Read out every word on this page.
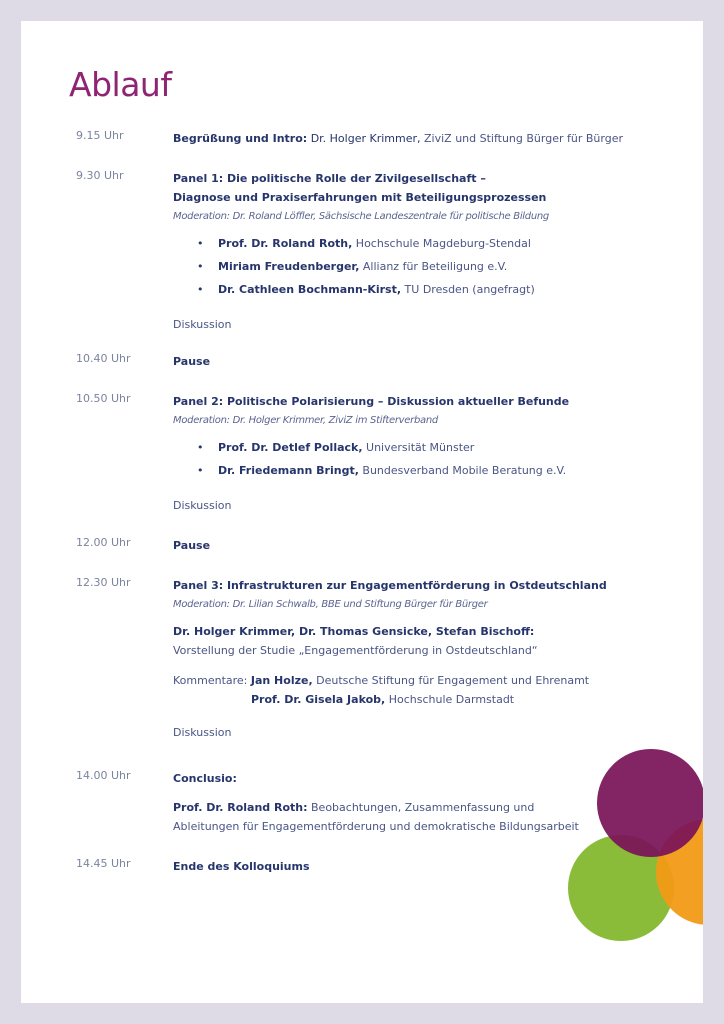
Ablauf
9.15 Uhr	Begrüßung und Intro: Dr. Holger Krimmer, ZiviZ und Stiftung Bürger für Bürger
9.30 Uhr	Panel 1: Die politische Rolle der Zivilgesellschaft –
Diagnose und Praxiserfahrungen mit Beteiligungsprozessen
Moderation: Dr. Roland Löffler, Sächsische Landeszentrale für politische Bildung
• Prof. Dr. Roland Roth, Hochschule Magdeburg-Stendal
• Miriam Freudenberger, Allianz für Beteiligung e.V.
• Dr. Cathleen Bochmann-Kirst, TU Dresden (angefragt)
Diskussion
10.40 Uhr	Pause
10.50 Uhr	Panel 2: Politische Polarisierung – Diskussion aktueller Befunde
Moderation: Dr. Holger Krimmer, ZiviZ im Stifterverband
• Prof. Dr. Detlef Pollack, Universität Münster
• Dr. Friedemann Bringt, Bundesverband Mobile Beratung e.V.
Diskussion
12.00 Uhr	Pause
12.30 Uhr	Panel 3: Infrastrukturen zur Engagementförderung in Ostdeutschland
Moderation: Dr. Lilian Schwalb, BBE und Stiftung Bürger für Bürger
Dr. Holger Krimmer, Dr. Thomas Gensicke, Stefan Bischoff:
Vorstellung der Studie „Engagementförderung in Ostdeutschland“
Kommentare: Jan Holze, Deutsche Stiftung für Engagement und Ehrenamt
Prof. Dr. Gisela Jakob, Hochschule Darmstadt
Diskussion
14.00 Uhr	Conclusio:
Prof. Dr. Roland Roth: Beobachtungen, Zusammenfassung und
Ableitungen für Engagementförderung und demokratische Bildungsarbeit
14.45 Uhr	Ende des Kolloquiums
